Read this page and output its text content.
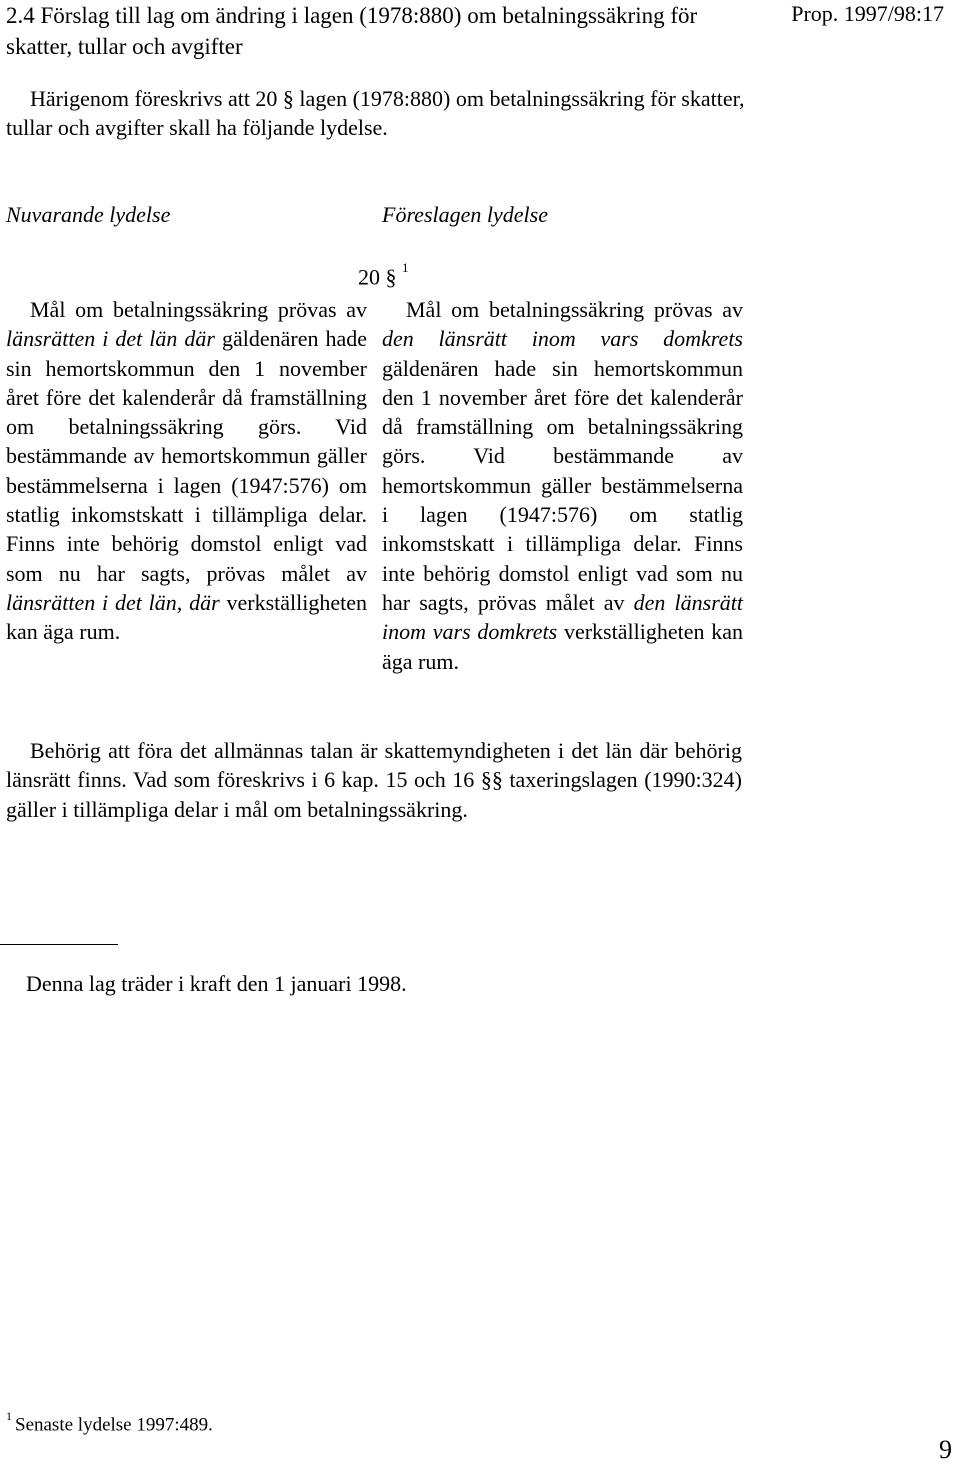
2.4 Förslag till lag om ändring i lagen (1978:880) om betalningssäkring för skatter, tullar och avgifter
Prop. 1997/98:17
Härigenom föreskrivs att 20 § lagen (1978:880) om betalningssäkring för skatter, tullar och avgifter skall ha följande lydelse.
Nuvarande lydelse	Föreslagen lydelse
20 § $^1$
Mål om betalningssäkring prövas av länsrätten i det län där gäldenären hade sin hemortskommun den 1 november året före det kalenderår då framställning om betalningssäkring görs. Vid bestämmande av hemortskommun gäller bestämmelserna i lagen (1947:576) om statlig inkomstskatt i tillämpliga delar. Finns inte behörig domstol enligt vad som nu har sagts, prövas målet av länsrätten i det län, där verkställigheten kan äga rum.
Mål om betalningssäkring prövas av den länsrätt inom vars domkrets gäldenären hade sin hemortskommun den 1 november året före det kalenderår då framställning om betalningssäkring görs. Vid bestämmande av hemortskommun gäller bestämmelserna i lagen (1947:576) om statlig inkomstskatt i tillämpliga delar. Finns inte behörig domstol enligt vad som nu har sagts, prövas målet av den länsrätt inom vars domkrets verkställigheten kan äga rum.
Behörig att föra det allmännas talan är skattemyndigheten i det län där behörig länsrätt finns. Vad som föreskrivs i 6 kap. 15 och 16 §§ taxeringslagen (1990:324) gäller i tillämpliga delar i mål om betalningssäkring.
Denna lag träder i kraft den 1 januari 1998.
$^1$ Senaste lydelse 1997:489.
9
